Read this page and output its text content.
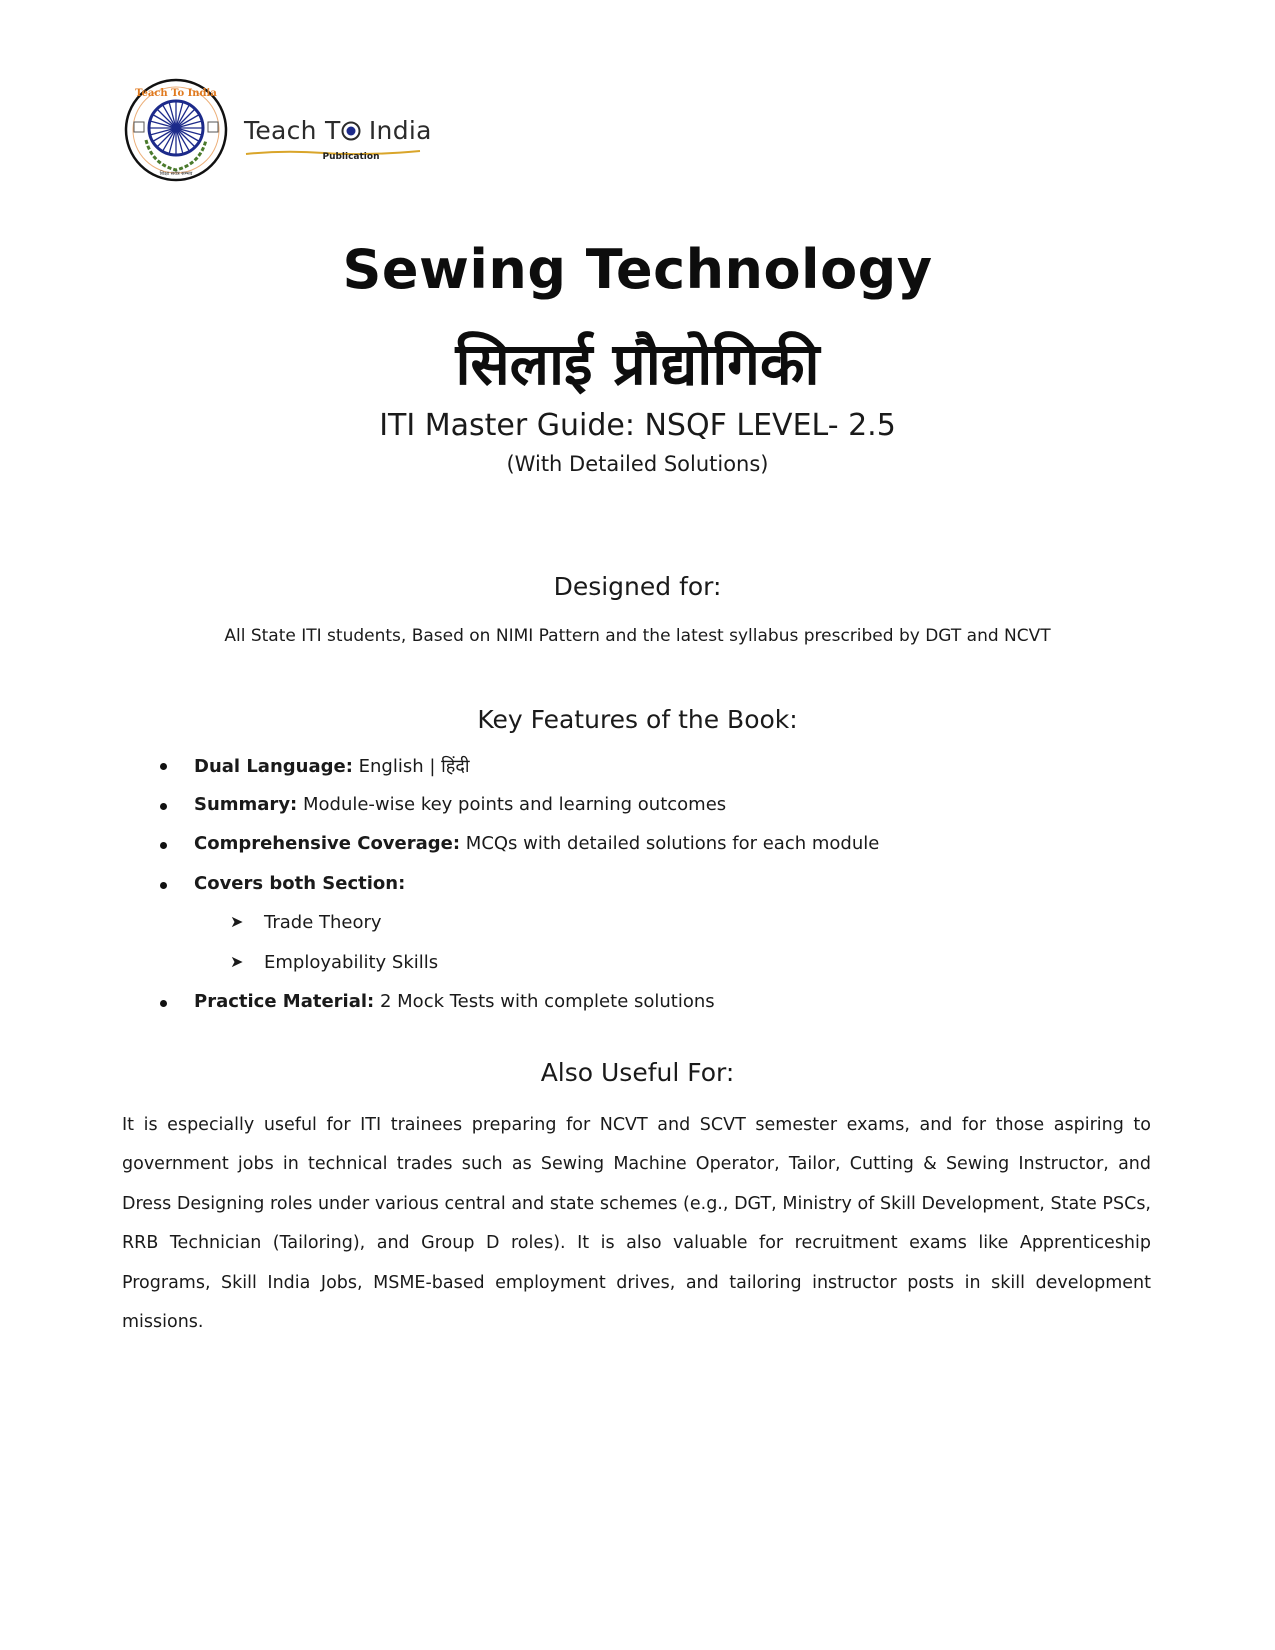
Teach To India
शिक्षा सर्वत्र सम्भव
Teach T India
Publication
Sewing Technology
सिलाई प्रौद्योगिकी
ITI Master Guide: NSQF LEVEL- 2.5
(With Detailed Solutions)
Designed for:
All State ITI students, Based on NIMI Pattern and the latest syllabus prescribed by DGT and NCVT
Key Features of the Book:
Dual Language: English | हिंदी
Summary: Module-wise key points and learning outcomes
Comprehensive Coverage: MCQs with detailed solutions for each module
Covers both Section:
➤ Trade Theory
➤ Employability Skills
Practice Material: 2 Mock Tests with complete solutions
Also Useful For:

It is especially useful for ITI trainees preparing for NCVT and SCVT semester exams, and for those aspiring to government jobs in technical trades such as Sewing Machine Operator, Tailor, Cutting & Sewing Instructor, and Dress Designing roles under various central and state schemes (e.g., DGT, Ministry of Skill Development, State PSCs, RRB Technician (Tailoring), and Group D roles). It is also valuable for recruitment exams like Apprenticeship Programs, Skill India Jobs, MSME-based employment drives, and tailoring instructor posts in skill development missions.
